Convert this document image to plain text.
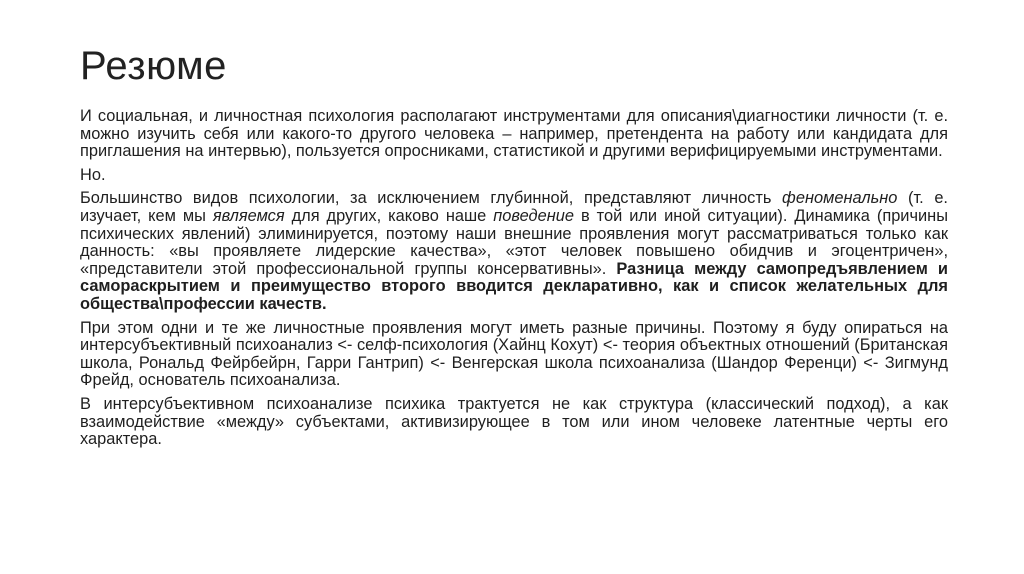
Резюме

И социальная, и личностная психология располагают инструментами для описания\диагностики личности (т. е. можно изучить себя или какого-то другого человека – например, претендента на работу или кандидата для приглашения на интервью), пользуется опросниками, статистикой и другими верифицируемыми инструментами.

Но.

Большинство видов психологии, за исключением глубинной, представляют личность феноменально (т. е. изучает, кем мы являемся для других, каково наше поведение в той или иной ситуации). Динамика (причины психических явлений) элиминируется, поэтому наши внешние проявления могут рассматриваться только как данность: «вы проявляете лидерские качества», «этот человек повышено обидчив и эгоцентричен», «представители этой профессиональной группы консервативны». Разница между самопредъявлением и самораскрытием и преимущество второго вводится декларативно, как и список желательных для общества\профессии качеств.

При этом одни и те же личностные проявления могут иметь разные причины. Поэтому я буду опираться на интерсубъективный психоанализ <- селф-психология (Хайнц Кохут) <- теория объектных отношений (Британская школа, Рональд Фейрбейрн, Гарри Гантрип) <- Венгерская школа психоанализа (Шандор Ференци) <- Зигмунд Фрейд, основатель психоанализа.

В интерсубъективном психоанализе психика трактуется не как структура (классический подход), а как взаимодействие «между» субъектами, активизирующее в том или ином человеке латентные черты его характера.
